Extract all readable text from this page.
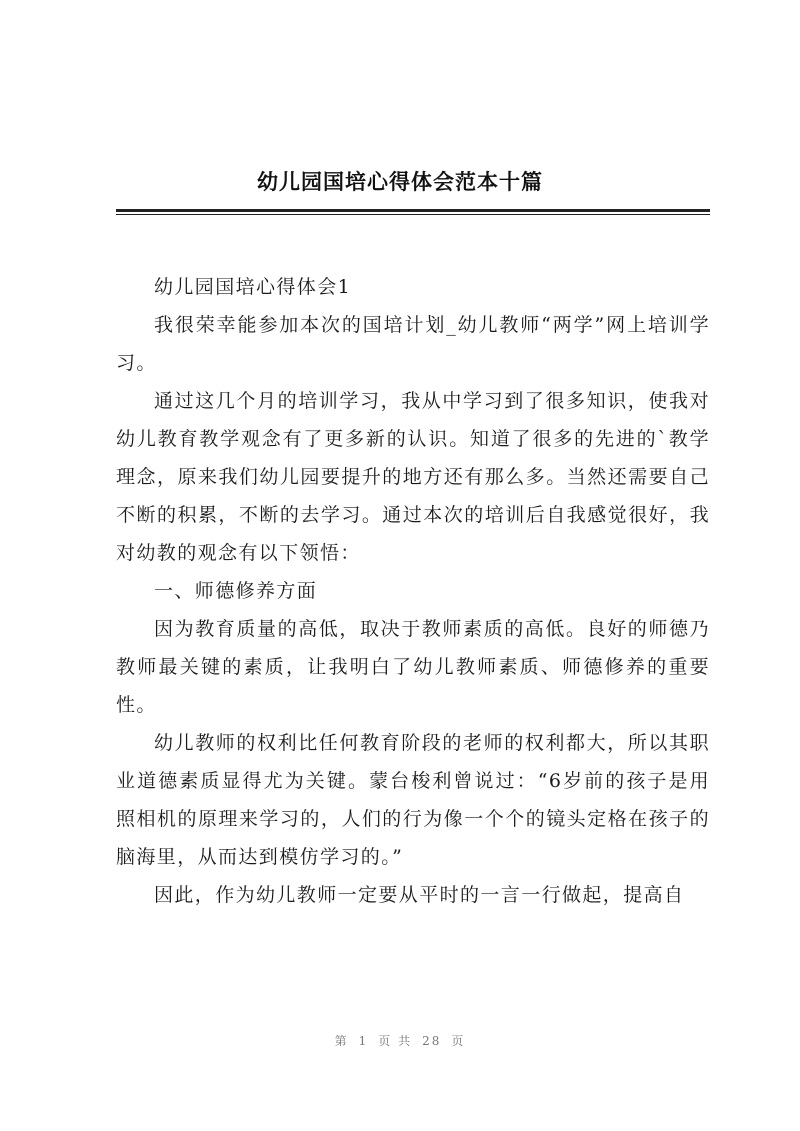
幼儿园国培心得体会范本十篇

幼儿园国培心得体会1

我很荣幸能参加本次的国培计划_幼儿教师“两学”网上培训学习。

通过这几个月的培训学习，我从中学习到了很多知识，使我对幼儿教育教学观念有了更多新的认识。知道了很多的先进的`教学理念，原来我们幼儿园要提升的地方还有那么多。当然还需要自己不断的积累，不断的去学习。通过本次的培训后自我感觉很好，我对幼教的观念有以下领悟：

一、师德修养方面

因为教育质量的高低，取决于教师素质的高低。良好的师德乃教师最关键的素质，让我明白了幼儿教师素质、师德修养的重要性。

幼儿教师的权利比任何教育阶段的老师的权利都大，所以其职业道德素质显得尤为关键。蒙台梭利曾说过：“6岁前的孩子是用照相机的原理来学习的，人们的行为像一个个的镜头定格在孩子的脑海里，从而达到模仿学习的。”

因此，作为幼儿教师一定要从平时的一言一行做起，提高自

第 1 页 共 28 页
